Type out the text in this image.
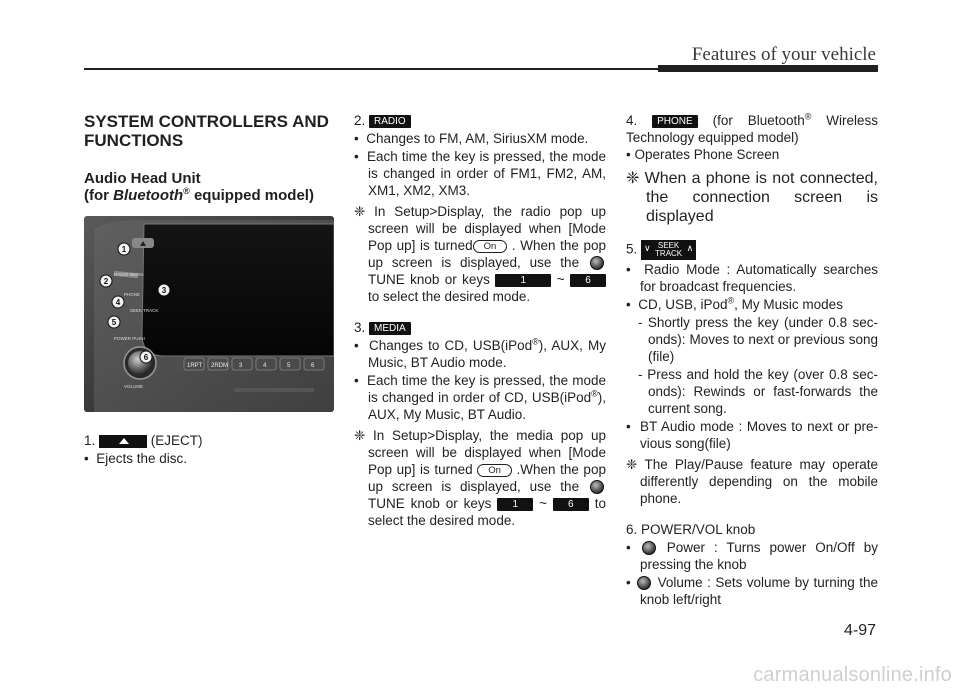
Features of your vehicle
SYSTEM CONTROLLERS AND
FUNCTIONS
Audio Head Unit
(for Bluetooth® equipped model)
RADIO MEDIA
PHONE
SEEK TRACK
POWER PUSH
VOLUME
1RPT 2RDM 3	4	5	6
1
2
3
4
5
6

1.	(EJECT)

• Ejects the disc.

2. RADIO

• Changes to FM, AM, SiriusXM mode.

• Each time the key is pressed, the mode is changed in order of FM1, FM2, AM, XM1, XM2, XM3.

❈ In Setup>Display, the radio pop up screen will be displayed when [Mode Pop up] is turned On . When the pop up screen is displayed, use the  TUNE knob or keys	1 ~ 6 to select the desired mode.

3. MEDIA

• Changes to CD, USB(iPod®), AUX, My Music, BT Audio mode.

• Each time the key is pressed, the mode is changed in order of CD, USB(iPod®), AUX, My Music, BT Audio.

❈ In Setup>Display, the media pop up screen will be displayed when [Mode Pop up] is turned On .When the pop up screen is displayed, use the  TUNE knob or keys 1 ~ 6 to select the desired mode.

4. PHONE (for Bluetooth® Wireless Technology equipped model)

• Operates Phone Screen

❈ When a phone is not connected, the connection screen is displayed

5. ∨	SEEK
TRACK ∧

• Radio Mode : Automatically searches for broadcast frequencies.

• CD, USB, iPod®, My Music modes

- Shortly press the key (under 0.8 sec-onds): Moves to next or previous song (file)

- Press and hold the key (over 0.8 sec-onds): Rewinds or fast-forwards the current song.

• BT Audio mode : Moves to next or pre-vious song(file)

❈ The Play/Pause feature may operate differently depending on the mobile phone.

6. POWER/VOL knob

•	Power : Turns power On/Off by pressing the knob

• Volume : Sets volume by turning the knob left/right

4-97
carmanualsonline.info
